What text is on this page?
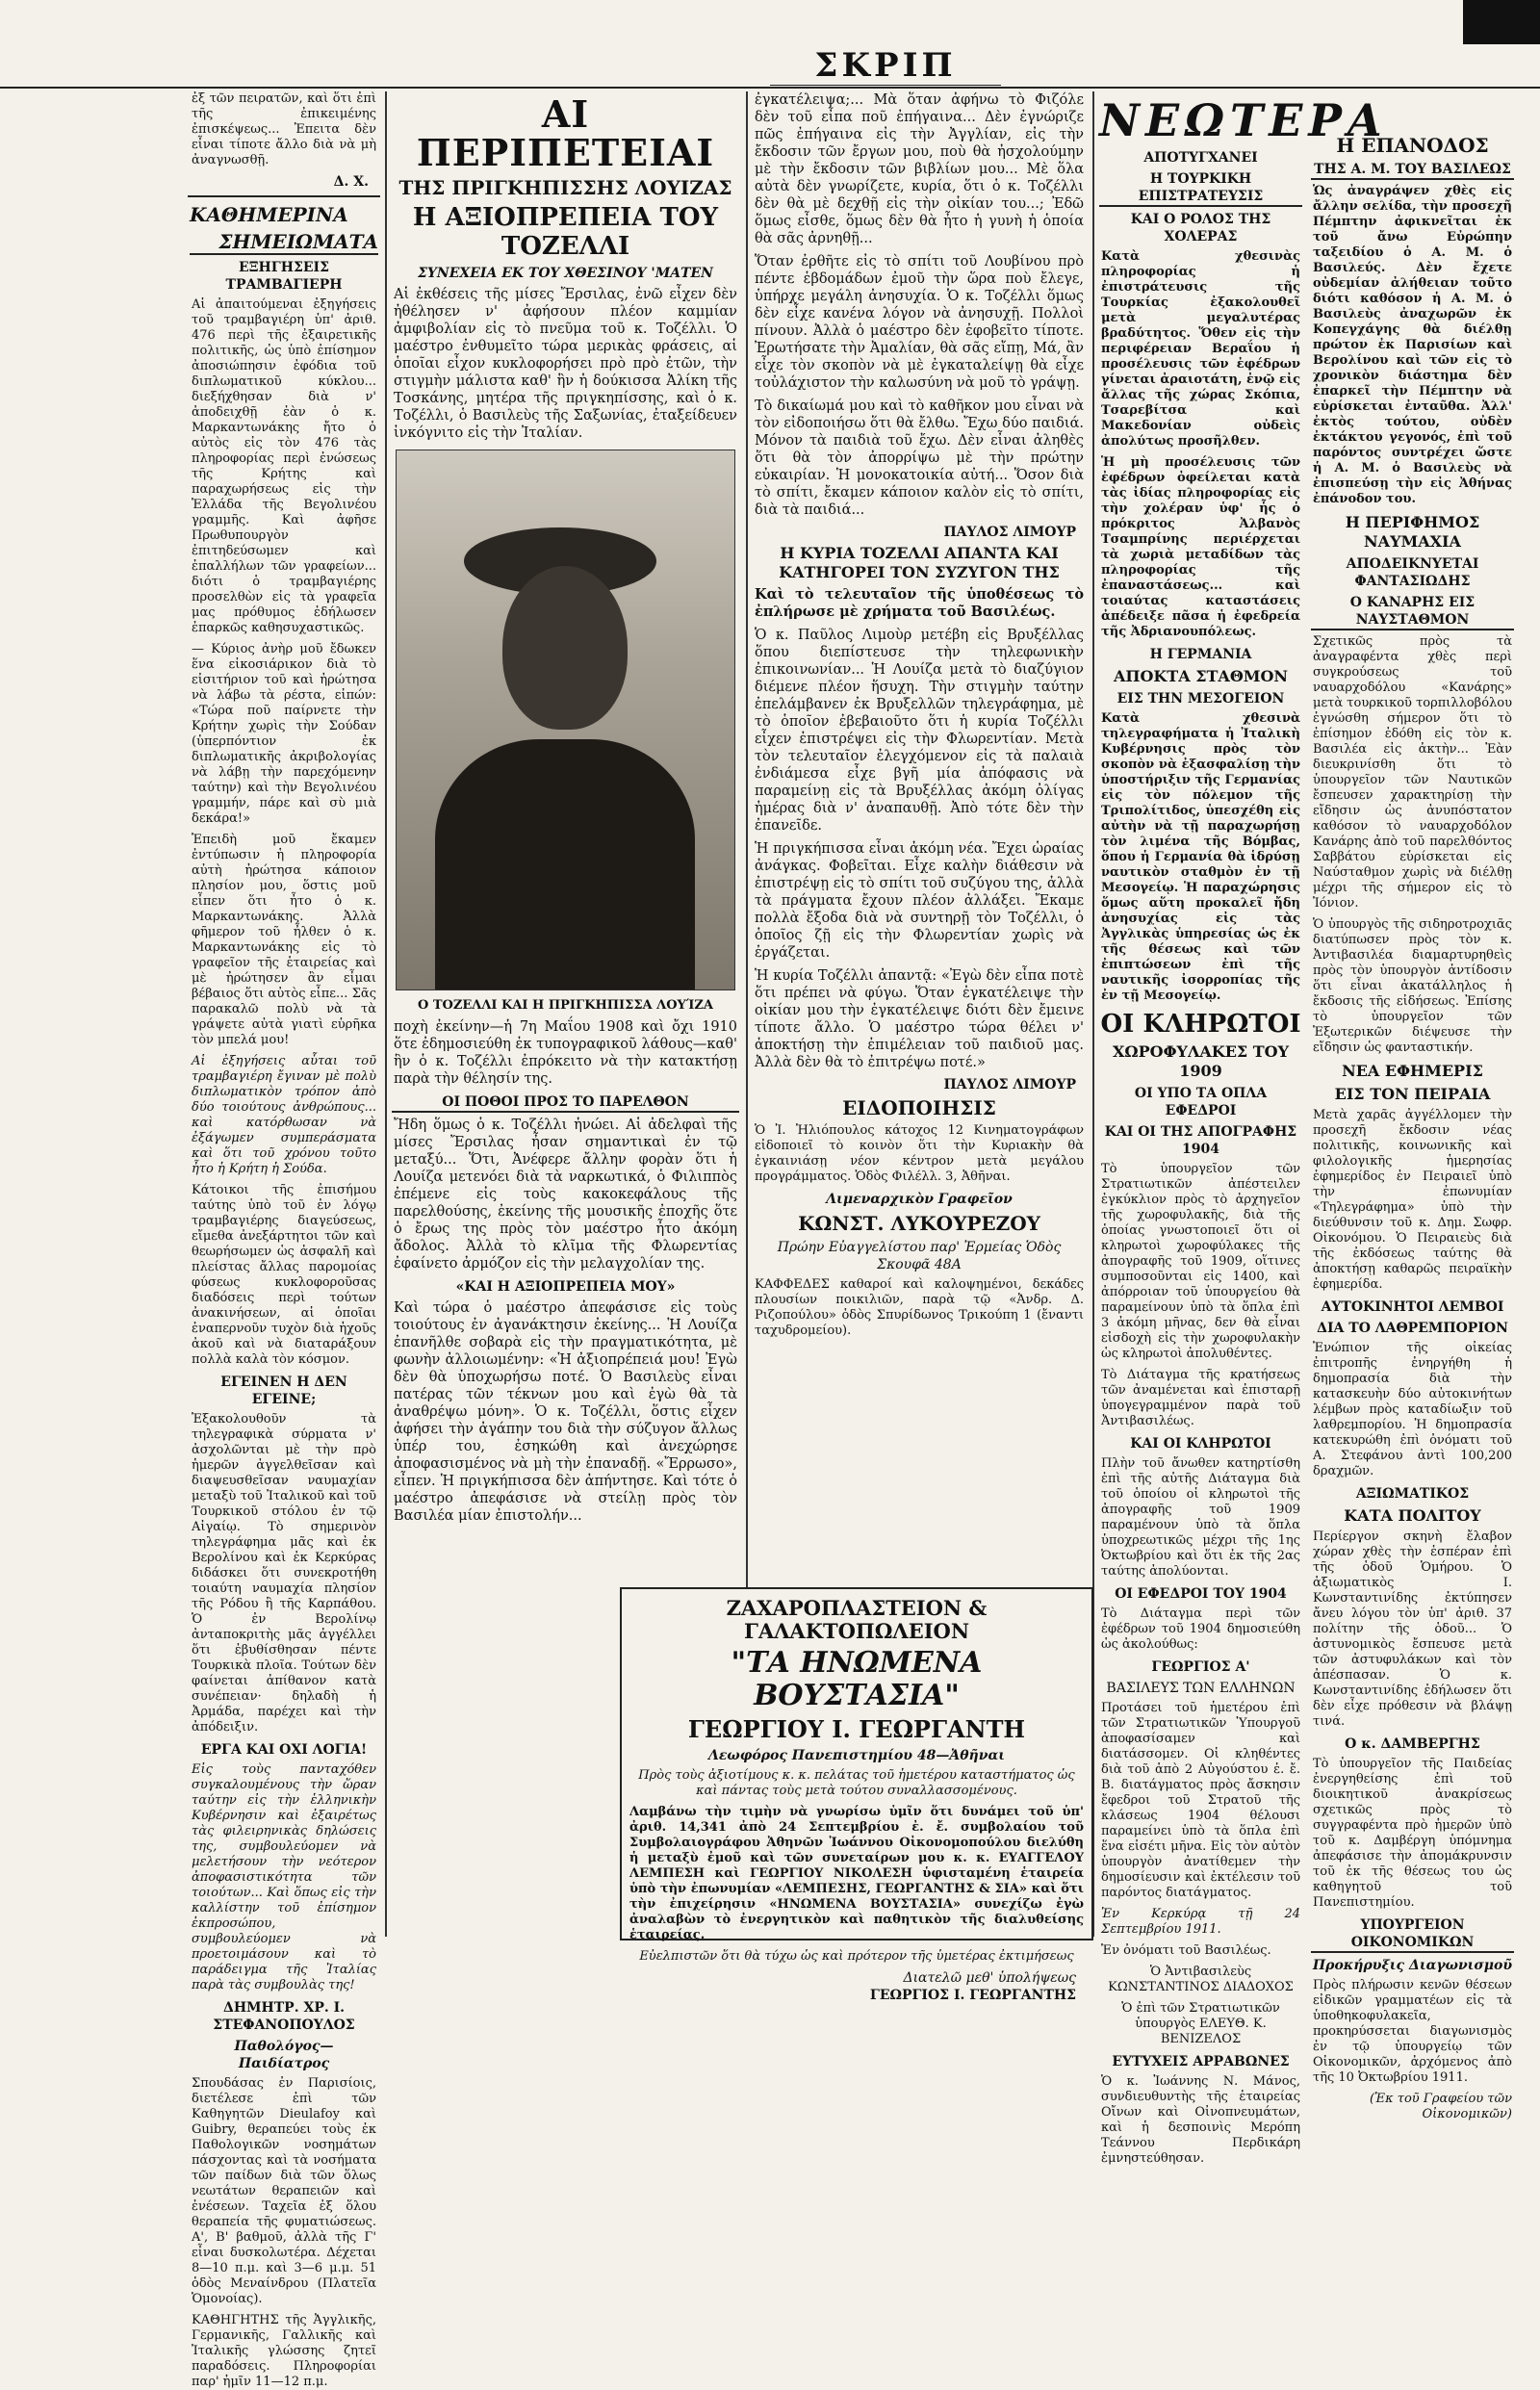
ΣΚΡΙΠ

ἐξ τῶν πειρατῶν, καὶ ὅτι ἐπὶ τῆς ἐπικειμένης ἐπισκέψεως... Ἐπειτα δὲν εἶναι τίποτε ἄλλο διὰ νὰ μὴ ἀναγνωσθῇ.

Δ. Χ.
ΚΑΘΗΜΕΡΙΝΑ
ΣΗΜΕΙΩΜΑΤΑ
ΕΞΗΓΗΣΕΙΣ ΤΡΑΜΒΑΓΙΕΡΗ

Αἱ ἀπαιτούμεναι ἐξηγήσεις τοῦ τραμβαγιέρη ὑπ' ἀριθ. 476 περὶ τῆς ἐξαιρετικῆς πολιτικῆς, ὡς ὑπὸ ἐπίσημον ἀποσιώπησιν ἐφόδια τοῦ διπλωματικοῦ κύκλου... διεξήχθησαν διὰ ν' ἀποδειχθῇ ἐὰν ὁ κ. Μαρκαντωνάκης ἤτο ὁ αὐτὸς εἰς τὸν 476 τὰς πληροφορίας περὶ ἐνώσεως τῆς Κρήτης καὶ παραχωρήσεως εἰς τὴν Ἑλλάδα τῆς Βεγολινέου γραμμῆς. Καὶ ἀφῆσε Πρωθυπουργὸν ἐπιτηδεύσωμεν καὶ ἐπαλλήλων τῶν γραφείων... διότι ὁ τραμβαγιέρης προσελθὼν εἰς τὰ γραφεῖα μας πρόθυμος ἐδήλωσεν ἐπαρκῶς καθησυχαστικῶς.

— Κύριος ἀνὴρ μοῦ ἔδωκεν ἕνα εἰκοσιάρικον διὰ τὸ εἰσιτήριον τοῦ καὶ ἠρώτησα νὰ λάβω τὰ ρέστα, εἰπών: «Τώρα ποῦ παίρνετε τὴν Κρήτην χωρὶς τὴν Σούδαν (ὑπερπόντιον ἐκ διπλωματικῆς ἀκριβολογίας νὰ λάβῃ τὴν παρεχόμενην ταύτην) καὶ τὴν Βεγολινέου γραμμήν, πάρε καὶ σὺ μιὰ δεκάρα!»

Ἐπειδὴ μοῦ ἔκαμεν ἐντύπωσιν ἡ πληροφορία αὐτὴ ἠρώτησα κάποιον πλησίον μου, ὅστις μοῦ εἶπεν ὅτι ἦτο ὁ κ. Μαρκαντωνάκης. Ἀλλὰ φῆμερον τοῦ ἦλθεν ὁ κ. Μαρκαντωνάκης εἰς τὸ γραφεῖον τῆς ἑταιρείας καὶ μὲ ἠρώτησεν ἂν εἶμαι βέβαιος ὅτι αὐτὸς εἶπε... Σᾶς παρακαλῶ πολὺ νὰ τὰ γράψετε αὐτὰ γιατὶ εὑρῆκα τὸν μπελά μου!

Αἱ ἐξηγήσεις αὗται τοῦ τραμβαγιέρη ἔγιναν μὲ πολὺ διπλωματικὸν τρόπον ἀπὸ δύο τοιούτους ἀνθρώπους... καὶ κατόρθωσαν νὰ ἐξάγωμεν συμπεράσματα καὶ ὅτι τοῦ χρόνου τοῦτο ἦτο ἡ Κρήτη ἡ Σούδα.

Κάτοικοι τῆς ἐπισήμου ταύτης ὑπὸ τοῦ ἐν λόγῳ τραμβαγιέρης διαγεύσεως, εἴμεθα ἀνεξάρτητοι τῶν καὶ θεωρήσωμεν ὡς ἀσφαλῆ καὶ πλείστας ἄλλας παρομοίας φύσεως κυκλοφοροῦσας διαδόσεις περὶ τούτων ἀνακινήσεων, αἱ ὁποῖαι ἐναπερνοῦν τυχὸν διὰ ἠχοῦς ἀκοῦ καὶ νὰ διαταράξουν πολλὰ καλὰ τὸν κόσμον.

ΕΓΕΙΝΕΝ Η ΔΕΝ ΕΓΕΙΝΕ;

Ἐξακολουθοῦν τὰ τηλεγραφικὰ σύρματα ν' ἀσχολῶνται μὲ τὴν πρὸ ἡμερῶν ἀγγελθεῖσαν καὶ διαψευσθεῖσαν ναυμαχίαν μεταξὺ τοῦ Ἰταλικοῦ καὶ τοῦ Τουρκικοῦ στόλου ἐν τῷ Αἰγαίῳ. Τὸ σημερινὸν τηλεγράφημα μᾶς καὶ ἐκ Βερολίνου καὶ ἐκ Κερκύρας διδάσκει ὅτι συνεκροτήθη τοιαύτη ναυμαχία πλησίον τῆς Ρόδου ἢ τῆς Καρπάθου. Ὁ ἐν Βερολίνῳ ἀνταποκριτὴς μᾶς ἀγγέλλει ὅτι ἐβυθίσθησαν πέντε Τουρκικὰ πλοῖα. Τούτων δὲν φαίνεται ἀπίθανον κατὰ συνέπειαν· δηλαδὴ ἡ Ἀρμάδα, παρέχει καὶ τὴν ἀπόδειξιν.

ΕΡΓΑ ΚΑΙ ΟΧΙ ΛΟΓΙΑ!

Εἰς τοὺς πανταχόθεν συγκαλουμένους τὴν ὥραν ταύτην εἰς τὴν ἑλληνικὴν Κυβέρνησιν καὶ ἐξαιρέτως τὰς φιλειρηνικὰς δηλώσεις της, συμβουλεύομεν νὰ μελετήσουν τὴν νεότερον ἀποφασιστικότητα τῶν τοιούτων... Καὶ ὅπως εἰς τὴν καλλίστην τοῦ ἐπίσημον ἐκπροσώπου, συμβουλεύομεν νὰ προετοιμάσουν καὶ τὸ παράδειγμα τῆς Ἰταλίας παρὰ τὰς συμβουλὰς της!

ΔΗΜΗΤΡ. ΧΡ. Ι. ΣΤΕΦΑΝΟΠΟΥΛΟΣ
Παθολόγος—Παιδίατρος

Σπουδάσας ἐν Παρισίοις, διετέλεσε ἐπὶ τῶν Καθηγητῶν Dieulafoy καὶ Guibry, θεραπεύει τοὺς ἐκ Παθολογικῶν νοσημάτων πάσχοντας καὶ τὰ νοσήματα τῶν παίδων διὰ τῶν ὅλως νεωτάτων θεραπειῶν καὶ ἐνέσεων. Ταχεῖα ἐξ ὅλου θεραπεία τῆς φυματιώσεως. Α', Β' βαθμοῦ, ἀλλὰ τῆς Γ' εἶναι δυσκολωτέρα. Δέχεται 8—10 π.μ. καὶ 3—6 μ.μ. 51 ὁδὸς Μεναίνδρου (Πλατεῖα Ὁμονοίας).

ΚΑΘΗΓΗΤΗΣ τῆς Ἀγγλικῆς, Γερμανικῆς, Γαλλικῆς καὶ Ἰταλικῆς γλώσσης ζητεῖ παραδόσεις. Πληροφορίαι παρ' ἡμῖν 11—12 π.μ.

ΑΙ ΠΕΡΙΠΕΤΕΙΑΙ
ΤΗΣ ΠΡΙΓΚΗΠΙΣΣΗΣ ΛΟΥΙΖΑΣ
Η ΑΞΙΟΠΡΕΠΕΙΑ ΤΟΥ ΤΟΖΕΛΛΙ
ΣΥΝΕΧΕΙΑ ΕΚ ΤΟΥ ΧΘΕΣΙΝΟΥ 'ΜΑΤΕΝ

Αἱ ἐκθέσεις τῆς μίσες Ἔρσιλας, ἐνῶ εἶχεν δὲν ἠθέλησεν ν' ἀφήσουν πλέον καμμίαν ἀμφιβολίαν εἰς τὸ πνεῦμα τοῦ κ. Τοζέλλι. Ὁ μαέστρο ἐνθυμεῖτο τώρα μερικὰς φράσεις, αἱ ὁποῖαι εἶχον κυκλοφορήσει πρὸ πρὸ ἐτῶν, τὴν στιγμὴν μάλιστα καθ' ἣν ἡ δούκισσα Ἀλίκη τῆς Τοσκάνης, μητέρα τῆς πριγκηπίσσης, καὶ ὁ κ. Τοζέλλι, ὁ Βασιλεὺς τῆς Σαξωνίας, ἐταξείδευεν ἰνκόγνιτο εἰς τὴν Ἰταλίαν.

Ο ΤΟΖΕΛΛΙ ΚΑΙ Η ΠΡΙΓΚΗΠΙΣΣΑ ΛΟΥΊΖΑ

ποχὴ ἐκείνην—ἡ 7η Μαΐου 1908 καὶ ὄχι 1910 ὅτε ἐδημοσιεύθη ἐκ τυπογραφικοῦ λάθους—καθ' ἣν ὁ κ. Τοζέλλι ἐπρόκειτο νὰ τὴν κατακτήσῃ παρὰ τὴν θέλησίν της.

ΟΙ ΠΟΘΟΙ ΠΡΟΣ ΤΟ ΠΑΡΕΛΘΟΝ

Ἤδη ὅμως ὁ κ. Τοζέλλι ἠνώει. Αἱ ἀδελφαὶ τῆς μίσες Ἔρσιλας ἦσαν σημαντικαὶ ἐν τῷ μεταξύ... Ὅτι, Ἀνέφερε ἄλλην φορὰν ὅτι ἡ Λουίζα μετενόει διὰ τὰ ναρκωτικά, ὁ Φιλιππὸς ἐπέμενε εἰς τοὺς κακοκεφάλους τῆς παρελθούσης, ἐκείνης τῆς μουσικῆς ἐποχῆς ὅτε ὁ ἔρως της πρὸς τὸν μαέστρο ἦτο ἀκόμη ἄδολος. Ἀλλὰ τὸ κλῖμα τῆς Φλωρεντίας ἐφαίνετο ἀρμόζον εἰς τὴν μελαγχολίαν της.

«ΚΑΙ Η ΑΞΙΟΠΡΕΠΕΙΑ ΜΟΥ»

Καὶ τώρα ὁ μαέστρο ἀπεφάσισε εἰς τοὺς τοιούτους ἐν ἀγανάκτησιν ἐκείνης... Ἡ Λουίζα ἐπανῆλθε σοβαρὰ εἰς τὴν πραγματικότητα, μὲ φωνὴν ἀλλοιωμένην: «Ἡ ἀξιοπρέπειά μου! Ἐγὼ δὲν θὰ ὑποχωρήσω ποτέ. Ὁ Βασιλεὺς εἶναι πατέρας τῶν τέκνων μου καὶ ἐγὼ θὰ τὰ ἀναθρέψω μόνη». Ὁ κ. Τοζέλλι, ὅστις εἶχεν ἀφήσει τὴν ἀγάπην του διὰ τὴν σύζυγον ἄλλως ὑπέρ του, ἐσηκώθη καὶ ἀνεχώρησε ἀποφασισμένος νὰ μὴ τὴν ἐπαναδῇ. «Ἔρρωσο», εἶπεν. Ἡ πριγκήπισσα δὲν ἀπήντησε. Καὶ τότε ὁ μαέστρο ἀπεφάσισε νὰ στείλῃ πρὸς τὸν Βασιλέα μίαν ἐπιστολήν...

ἐγκατέλειψα;... Μὰ ὅταν ἀφήνω τὸ Φιζόλε δὲν τοῦ εἶπα ποῦ ἐπήγαινα... Δὲν ἐγνώριζε πῶς ἐπήγαινα εἰς τὴν Ἀγγλίαν, εἰς τὴν ἔκδοσιν τῶν ἔργων μου, ποὺ θὰ ἠσχολούμην μὲ τὴν ἔκδοσιν τῶν βιβλίων μου... Μὲ ὅλα αὐτὰ δὲν γνωρίζετε, κυρία, ὅτι ὁ κ. Τοζέλλι δὲν θὰ μὲ δεχθῇ εἰς τὴν οἰκίαν του...; Ἐδῶ ὅμως εἶσθε, ὅμως δὲν θὰ ἦτο ἡ γυνὴ ἡ ὁποία θὰ σᾶς ἀρνηθῇ...

Ὅταν ἐρθῆτε εἰς τὸ σπίτι τοῦ Λουβίνου πρὸ πέντε ἑβδομάδων ἐμοῦ τὴν ὥρα ποὺ ἔλεγε, ὑπήρχε μεγάλη ἀνησυχία. Ὁ κ. Τοζέλλι ὅμως δὲν εἶχε κανένα λόγον νὰ ἀνησυχῇ. Πολλοὶ πίνουν. Ἀλλὰ ὁ μαέστρο δὲν ἐφοβεῖτο τίποτε. Ἐρωτήσατε τὴν Ἀμαλίαν, θὰ σᾶς εἴπῃ, Μά, ἂν εἶχε τὸν σκοπὸν νὰ μὲ ἐγκαταλείψῃ θὰ εἶχε τοὐλάχιστον τὴν καλωσύνη νὰ μοῦ τὸ γράψῃ.

Τὸ δικαίωμά μου καὶ τὸ καθῆκον μου εἶναι νὰ τὸν εἰδοποιήσω ὅτι θὰ ἔλθω. Ἔχω δύο παιδιά. Μόνον τὰ παιδιὰ τοῦ ἔχω. Δὲν εἶναι ἀληθὲς ὅτι θὰ τὸν ἀπορρίψω μὲ τὴν πρώτην εὐκαιρίαν. Ἡ μονοκατοικία αὐτή... Ὅσον διὰ τὸ σπίτι, ἔκαμεν κάποιον καλὸν εἰς τὸ σπίτι, διὰ τὰ παιδιά...

ΠΑΥΛΟΣ ΛΙΜΟΥΡ
Η ΚΥΡΙΑ ΤΟΖΕΛΛΙ ΑΠΑΝΤΑ ΚΑΙ ΚΑΤΗΓΟΡΕΙ ΤΟΝ ΣΥΖΥΓΟΝ ΤΗΣ

Καὶ τὸ τελευταῖον τῆς ὑποθέσεως τὸ ἐπλήρωσε μὲ χρήματα τοῦ Βασιλέως.

Ὁ κ. Παῦλος Λιμοὺρ μετέβη εἰς Βρυξέλλας ὅπου διεπίστευσε τὴν τηλεφωνικὴν ἐπικοινωνίαν... Ἡ Λουίζα μετὰ τὸ διαζύγιον διέμενε πλέον ἥσυχη. Τὴν στιγμὴν ταύτην ἐπελάμβανεν ἐκ Βρυξελλῶν τηλεγράφημα, μὲ τὸ ὁποῖον ἐβεβαιοῦτο ὅτι ἡ κυρία Τοζέλλι εἶχεν ἐπιστρέψει εἰς τὴν Φλωρεντίαν. Μετὰ τὸν τελευταῖον ἐλεγχόμενον εἰς τὰ παλαιὰ ἐνδιάμεσα εἶχε βγῆ μία ἀπόφασις νὰ παραμείνῃ εἰς τὰ Βρυξέλλας ἀκόμη ὀλίγας ἡμέρας διὰ ν' ἀναπαυθῇ. Ἀπὸ τότε δὲν τὴν ἐπανεῖδε.

Ἡ πριγκήπισσα εἶναι ἀκόμη νέα. Ἔχει ὡραίας ἀνάγκας. Φοβεῖται. Εἶχε καλὴν διάθεσιν νὰ ἐπιστρέψῃ εἰς τὸ σπίτι τοῦ συζύγου της, ἀλλὰ τὰ πράγματα ἔχουν πλέον ἀλλάξει. Ἔκαμε πολλὰ ἔξοδα διὰ νὰ συντηρῇ τὸν Τοζέλλι, ὁ ὁποῖος ζῇ εἰς τὴν Φλωρεντίαν χωρὶς νὰ ἐργάζεται.

Ἡ κυρία Τοζέλλι ἀπαντᾷ: «Ἐγὼ δὲν εἶπα ποτὲ ὅτι πρέπει νὰ φύγω. Ὅταν ἐγκατέλειψε τὴν οἰκίαν μου τὴν ἐγκατέλειψε διότι δὲν ἔμεινε τίποτε ἄλλο. Ὁ μαέστρο τώρα θέλει ν' ἀποκτήσῃ τὴν ἐπιμέλειαν τοῦ παιδιοῦ μας. Ἀλλὰ δὲν θὰ τὸ ἐπιτρέψω ποτέ.»

ΠΑΥΛΟΣ ΛΙΜΟΥΡ
ΕΙΔΟΠΟΙΗΣΙΣ

Ὁ Ἰ. Ἡλιόπουλος κάτοχος 12 Κινηματογράφων εἰδοποιεῖ τὸ κοινὸν ὅτι τὴν Κυριακὴν θὰ ἐγκαινιάσῃ νέον κέντρον μετὰ μεγάλου προγράμματος. Ὁδὸς Φιλέλλ. 3, Ἀθῆναι.

Λιμεναρχικὸν Γραφεῖον
ΚΩΝΣΤ. ΛΥΚΟΥΡΕΖΟΥ
Πρώην Εὐαγγελίστου παρ' Ἐρμείας Ὁδὸς Σκουφᾶ 48Α

ΚΑΦΦΕΔΕΣ καθαροί καὶ καλοψημένοι, δεκάδες πλουσίων ποικιλιῶν, παρὰ τῷ «Ἀνδρ. Δ. Ριζοπούλου» ὁδὸς Σπυρίδωνος Τρικούπη 1 (ἔναντι ταχυδρομείου).

ΝΕΩΤΕΡΑ
ΑΠΟΤΥΓΧΑΝΕΙ
Η ΤΟΥΡΚΙΚΗ ΕΠΙΣΤΡΑΤΕΥΣΙΣ
ΚΑΙ Ο ΡΟΛΟΣ ΤΗΣ ΧΟΛΕΡΑΣ

Κατὰ χθεσινὰς πληροφορίας ἡ ἐπιστράτευσις τῆς Τουρκίας ἐξακολουθεῖ μετὰ μεγαλυτέρας βραδύτητος. Ὅθεν εἰς τὴν περιφέρειαν Βεραΐου ἡ προσέλευσις τῶν ἐφέδρων γίνεται ἀραιοτάτη, ἐνῷ εἰς ἄλλας τῆς χώρας Σκόπια, Τσαρεβίτσα καὶ Μακεδονίαν οὐδεὶς ἀπολύτως προσῆλθεν.

Ἡ μὴ προσέλευσις τῶν ἐφέδρων ὀφείλεται κατὰ τὰς ἰδίας πληροφορίας εἰς τὴν χολέραν ὑφ' ἧς ὁ πρόκριτος Ἀλβανὸς Τσαμπρίνης περιέρχεται τὰ χωριὰ μεταδίδων τὰς πληροφορίας τῆς ἐπαναστάσεως... καὶ τοιαύτας καταστάσεις ἀπέδειξε πᾶσα ἡ ἐφεδρεία τῆς Ἀδριανουπόλεως.

Η ΓΕΡΜΑΝΙΑ
ΑΠΟΚΤΑ ΣΤΑΘΜΟΝ
ΕΙΣ ΤΗΝ ΜΕΣΟΓΕΙΟΝ

Κατὰ χθεσινὰ τηλεγραφήματα ἡ Ἰταλικὴ Κυβέρνησις πρὸς τὸν σκοπὸν νὰ ἐξασφαλίσῃ τὴν ὑποστήριξιν τῆς Γερμανίας εἰς τὸν πόλεμον τῆς Τριπολίτιδος, ὑπεσχέθη εἰς αὐτὴν νὰ τῇ παραχωρήσῃ τὸν λιμένα τῆς Βόμβας, ὅπου ἡ Γερμανία θὰ ἱδρύσῃ ναυτικὸν σταθμὸν ἐν τῇ Μεσογείῳ. Ἡ παραχώρησις ὅμως αὕτη προκαλεῖ ἤδη ἀνησυχίας εἰς τὰς Ἀγγλικὰς ὑπηρεσίας ὡς ἐκ τῆς θέσεως καὶ τῶν ἐπιπτώσεων ἐπὶ τῆς ναυτικῆς ἰσορροπίας τῆς ἐν τῇ Μεσογείῳ.

ΟΙ ΚΛΗΡΩΤΟΙ
ΧΩΡΟΦΥΛΑΚΕΣ ΤΟΥ 1909
ΟΙ ΥΠΟ ΤΑ ΟΠΛΑ ΕΦΕΔΡΟΙ
ΚΑΙ ΟΙ ΤΗΣ ΑΠΟΓΡΑΦΗΣ 1904

Τὸ ὑπουργεῖον τῶν Στρατιωτικῶν ἀπέστειλεν ἐγκύκλιον πρὸς τὸ ἀρχηγεῖον τῆς χωροφυλακῆς, διὰ τῆς ὁποίας γνωστοποιεῖ ὅτι οἱ κληρωτοὶ χωροφύλακες τῆς ἀπογραφῆς τοῦ 1909, οἵτινες συμποσοῦνται εἰς 1400, καὶ ἀπόρροιαν τοῦ ὑπουργείου θὰ παραμείνουν ὑπὸ τὰ ὅπλα ἐπὶ 3 ἀκόμη μῆνας, δεν θὰ εἶναι εἰσδοχὴ εἰς τὴν χωροφυλακὴν ὡς κληρωτοὶ ἀπολυθέντες.

Τὸ Διάταγμα τῆς κρατήσεως τῶν ἀναμένεται καὶ ἐπισταρῇ ὑπογεγραμμένον παρὰ τοῦ Ἀντιβασιλέως.

ΚΑΙ ΟΙ ΚΛΗΡΩΤΟΙ

Πλὴν τοῦ ἄνωθεν κατηρτίσθη ἐπὶ τῆς αὐτῆς Διάταγμα διὰ τοῦ ὁποίου οἱ κληρωτοὶ τῆς ἀπογραφῆς τοῦ 1909 παραμένουν ὑπὸ τὰ ὅπλα ὑποχρεωτικῶς μέχρι τῆς 1ης Ὀκτωβρίου καὶ ὅτι ἐκ τῆς 2ας ταύτης ἀπολύονται.

ΟΙ ΕΦΕΔΡΟΙ ΤΟΥ 1904

Τὸ Διάταγμα περὶ τῶν ἐφέδρων τοῦ 1904 δημοσιεύθη ὡς ἀκολούθως:

ΓΕΩΡΓΙΟΣ Α'
ΒΑΣΙΛΕΥΣ ΤΩΝ ΕΛΛΗΝΩΝ

Προτάσει τοῦ ἡμετέρου ἐπὶ τῶν Στρατιωτικῶν Ὑπουργοῦ ἀποφασίσαμεν καὶ διατάσσομεν. Οἱ κληθέντες διὰ τοῦ ἀπὸ 2 Αὐγούστου ἐ. ἔ. Β. διατάγματος πρὸς ἄσκησιν ἔφεδροι τοῦ Στρατοῦ τῆς κλάσεως 1904 θέλουσι παραμείνει ὑπὸ τὰ ὅπλα ἐπὶ ἕνα εἰσέτι μῆνα. Εἰς τὸν αὐτὸν ὑπουργὸν ἀνατίθεμεν τὴν δημοσίευσιν καὶ ἐκτέλεσιν τοῦ παρόντος διατάγματος.

Ἐν Κερκύρᾳ τῇ 24 Σεπτεμβρίου 1911.

Ἐν ὀνόματι τοῦ Βασιλέως.

Ὁ Ἀντιβασιλεὺς ΚΩΝΣΤΑΝΤΙΝΟΣ ΔΙΑΔΟΧΟΣ

Ὁ ἐπὶ τῶν Στρατιωτικῶν ὑπουργὸς ΕΛΕΥΘ. Κ. ΒΕΝΙΖΕΛΟΣ

ΕΥΤΥΧΕΙΣ ΑΡΡΑΒΩΝΕΣ

Ὁ κ. Ἰωάννης Ν. Μάνος, συνδιευθυντὴς τῆς ἑταιρείας Οἴνων καὶ Οἰνοπνευμάτων, καὶ ἡ δεσποινὶς Μερόπη Τεάννου Περδικάρη ἐμνηστεύθησαν.

Η ΕΠΑΝΟΔΟΣ
ΤΗΣ Α. Μ. ΤΟΥ ΒΑΣΙΛΕΩΣ

Ὡς ἀναγράψεν χθὲς εἰς ἄλλην σελίδα, τὴν προσεχῆ Πέμπτην ἀφικνεῖται ἐκ τοῦ ἄνω Εὐρώπην ταξειδίου ὁ Α. Μ. ὁ Βασιλεύς. Δὲν ἔχετε οὐδεμίαν ἀλήθειαν τοῦτο διότι καθόσον ἡ Α. Μ. ὁ Βασιλεὺς ἀναχωρῶν ἐκ Κοπεγχάγης θὰ διέλθῃ πρώτον ἐκ Παρισίων καὶ Βερολίνου καὶ τῶν εἰς τὸ χρονικὸν διάστημα δὲν ἐπαρκεῖ τὴν Πέμπτην νὰ εὑρίσκεται ἐνταῦθα. Ἀλλ' ἐκτὸς τούτου, οὐδὲν ἐκτάκτου γεγονός, ἐπὶ τοῦ παρόντος συντρέχει ὥστε ἡ Α. Μ. ὁ Βασιλεὺς νὰ ἐπισπεύσῃ τὴν εἰς Ἀθήνας ἐπάνοδον του.

Η ΠΕΡΙΦΗΜΟΣ ΝΑΥΜΑΧΙΑ
ΑΠΟΔΕΙΚΝΥΕΤΑΙ ΦΑΝΤΑΣΙΩΔΗΣ
Ο ΚΑΝΑΡΗΣ ΕΙΣ ΝΑΥΣΤΑΘΜΟΝ

Σχετικῶς πρὸς τὰ ἀναγραφέντα χθὲς περὶ συγκρούσεως τοῦ ναυαρχοδόλου «Κανάρης» μετὰ τουρκικοῦ τορπιλλοβόλου ἐγνώσθη σήμερον ὅτι τὸ ἐπίσημον ἐδόθη εἰς τὸν κ. Βασιλέα εἰς ἀκτὴν... Ἐὰν διευκρινίσθη ὅτι τὸ ὑπουργεῖον τῶν Ναυτικῶν ἔσπευσεν χαρακτηρίσῃ τὴν εἴδησιν ὡς ἀνυπόστατον καθόσον τὸ ναυαρχοδόλον Κανάρης ἀπὸ τοῦ παρελθόντος Σαββάτου εὑρίσκεται εἰς Ναύσταθμον χωρὶς νὰ διέλθῃ μέχρι τῆς σήμερον εἰς τὸ Ἰόνιον.

Ὁ ὑπουργὸς τῆς σιδηροτροχιᾶς διατύπωσεν πρὸς τὸν κ. Ἀντιβασιλέα διαμαρτυρηθεὶς πρὸς τὸν ὑπουργὸν ἀντίδοσιν ὅτι εἶναι ἀκατάλληλος ἡ ἔκδοσις τῆς εἰδήσεως. Ἐπίσης τὸ ὑπουργεῖον τῶν Ἐξωτερικῶν διέψευσε τὴν εἴδησιν ὡς φανταστικήν.

ΝΕΑ ΕΦΗΜΕΡΙΣ
ΕΙΣ ΤΟΝ ΠΕΙΡΑΙΑ

Μετὰ χαρᾶς ἀγγέλλομεν τὴν προσεχῆ ἔκδοσιν νέας πολιτικῆς, κοινωνικῆς καὶ φιλολογικῆς ἡμερησίας ἐφημερίδος ἐν Πειραιεῖ ὑπὸ τὴν ἐπωνυμίαν «Τηλεγράφημα» ὑπὸ τὴν διεύθυνσιν τοῦ κ. Δημ. Σωφρ. Οἰκονόμου. Ὁ Πειραιεὺς διὰ τῆς ἐκδόσεως ταύτης θὰ ἀποκτήσῃ καθαρῶς πειραϊκὴν ἐφημερίδα.

ΑΥΤΟΚΙΝΗΤΟΙ ΛΕΜΒΟΙ
ΔΙΑ ΤΟ ΛΑΘΡΕΜΠΟΡΙΟΝ

Ἐνώπιον τῆς οἰκείας ἐπιτροπῆς ἐνηργήθη ἡ δημοπρασία διὰ τὴν κατασκευὴν δύο αὐτοκινήτων λέμβων πρὸς καταδίωξιν τοῦ λαθρεμπορίου. Ἡ δημοπρασία κατεκυρώθη ἐπὶ ὀνόματι τοῦ Α. Στεφάνου ἀντὶ 100,200 δραχμῶν.

ΑΞΙΩΜΑΤΙΚΟΣ
ΚΑΤΑ ΠΟΛΙΤΟΥ

Περίεργον σκηνὴ ἔλαβον χώραν χθὲς τὴν ἑσπέραν ἐπὶ τῆς ὁδοῦ Ὁμήρου. Ὁ ἀξιωματικὸς Ι. Κωνσταντινίδης ἐκτύπησεν ἄνευ λόγου τὸν ὑπ' ἀριθ. 37 πολίτην τῆς ὁδοῦ... Ὁ ἀστυνομικὸς ἔσπευσε μετὰ τῶν ἀστυφυλάκων καὶ τὸν ἀπέσπασαν. Ὁ κ. Κωνσταντινίδης ἐδήλωσεν ὅτι δὲν εἶχε πρόθεσιν νὰ βλάψῃ τινά.

Ο κ. ΔΑΜΒΕΡΓΗΣ

Τὸ ὑπουργεῖον τῆς Παιδείας ἐνεργηθείσης ἐπὶ τοῦ διοικητικοῦ ἀνακρίσεως σχετικῶς πρὸς τὸ συγγραφέντα πρὸ ἡμερῶν ὑπὸ τοῦ κ. Δαμβέργη ὑπόμνημα ἀπεφάσισε τὴν ἀπομάκρυνσιν τοῦ ἐκ τῆς θέσεως του ὡς καθηγητοῦ τοῦ Πανεπιστημίου.

ΥΠΟΥΡΓΕΙΟΝ ΟΙΚΟΝΟΜΙΚΩΝ
Προκήρυξις Διαγωνισμοῦ

Πρὸς πλήρωσιν κενῶν θέσεων εἰδικῶν γραμματέων εἰς τὰ ὑποθηκοφυλακεῖα, προκηρύσσεται διαγωνισμὸς ἐν τῷ ὑπουργείῳ τῶν Οἰκονομικῶν, ἀρχόμενος ἀπὸ τῆς 10 Ὀκτωβρίου 1911.

(Ἐκ τοῦ Γραφείου τῶν Οἰκονομικῶν)

ΖΑΧΑΡΟΠΛΑΣΤΕΙΟΝ & ΓΑΛΑΚΤΟΠΩΛΕΙΟΝ
"ΤΑ ΗΝΩΜΕΝΑ ΒΟΥΣΤΑΣΙΑ"
ΓΕΩΡΓΙΟΥ Ι. ΓΕΩΡΓΑΝΤΗ
Λεωφόρος Πανεπιστημίου 48—Ἀθῆναι

Πρὸς τοὺς ἀξιοτίμους κ. κ. πελάτας τοῦ ἡμετέρου καταστήματος ὡς καὶ πάντας τοὺς μετὰ τούτου συναλλασσομένους.

Λαμβάνω τὴν τιμὴν νὰ γνωρίσω ὑμῖν ὅτι δυνάμει τοῦ ὑπ' ἀριθ. 14,341 ἀπὸ 24 Σεπτεμβρίου ἐ. ἔ. συμβολαίου τοῦ Συμβολαιογράφου Ἀθηνῶν Ἰωάννου Οἰκονομοπούλου διελύθη ἡ μεταξὺ ἐμοῦ καὶ τῶν συνεταίρων μου κ. κ. ΕΥΑΓΓΕΛΟΥ ΛΕΜΠΕΣΗ καὶ ΓΕΩΡΓΙΟΥ ΝΙΚΟΛΕΣΗ ὑφισταμένη ἑταιρεία ὑπὸ τὴν ἐπωνυμίαν «ΛΕΜΠΕΣΗΣ, ΓΕΩΡΓΑΝΤΗΣ & ΣΙΑ» καὶ ὅτι τὴν ἐπιχείρησιν «ΗΝΩΜΕΝΑ ΒΟΥΣΤΑΣΙΑ» συνεχίζω ἐγὼ ἀναλαβὼν τὸ ἐνεργητικὸν καὶ παθητικὸν τῆς διαλυθείσης ἑταιρείας.

Εὐελπιστῶν ὅτι θὰ τύχω ὡς καὶ πρότερον τῆς ὑμετέρας ἐκτιμήσεως

Διατελῶ μεθ' ὑπολήψεως
ΓΕΩΡΓΙΟΣ Ι. ΓΕΩΡΓΑΝΤΗΣ
